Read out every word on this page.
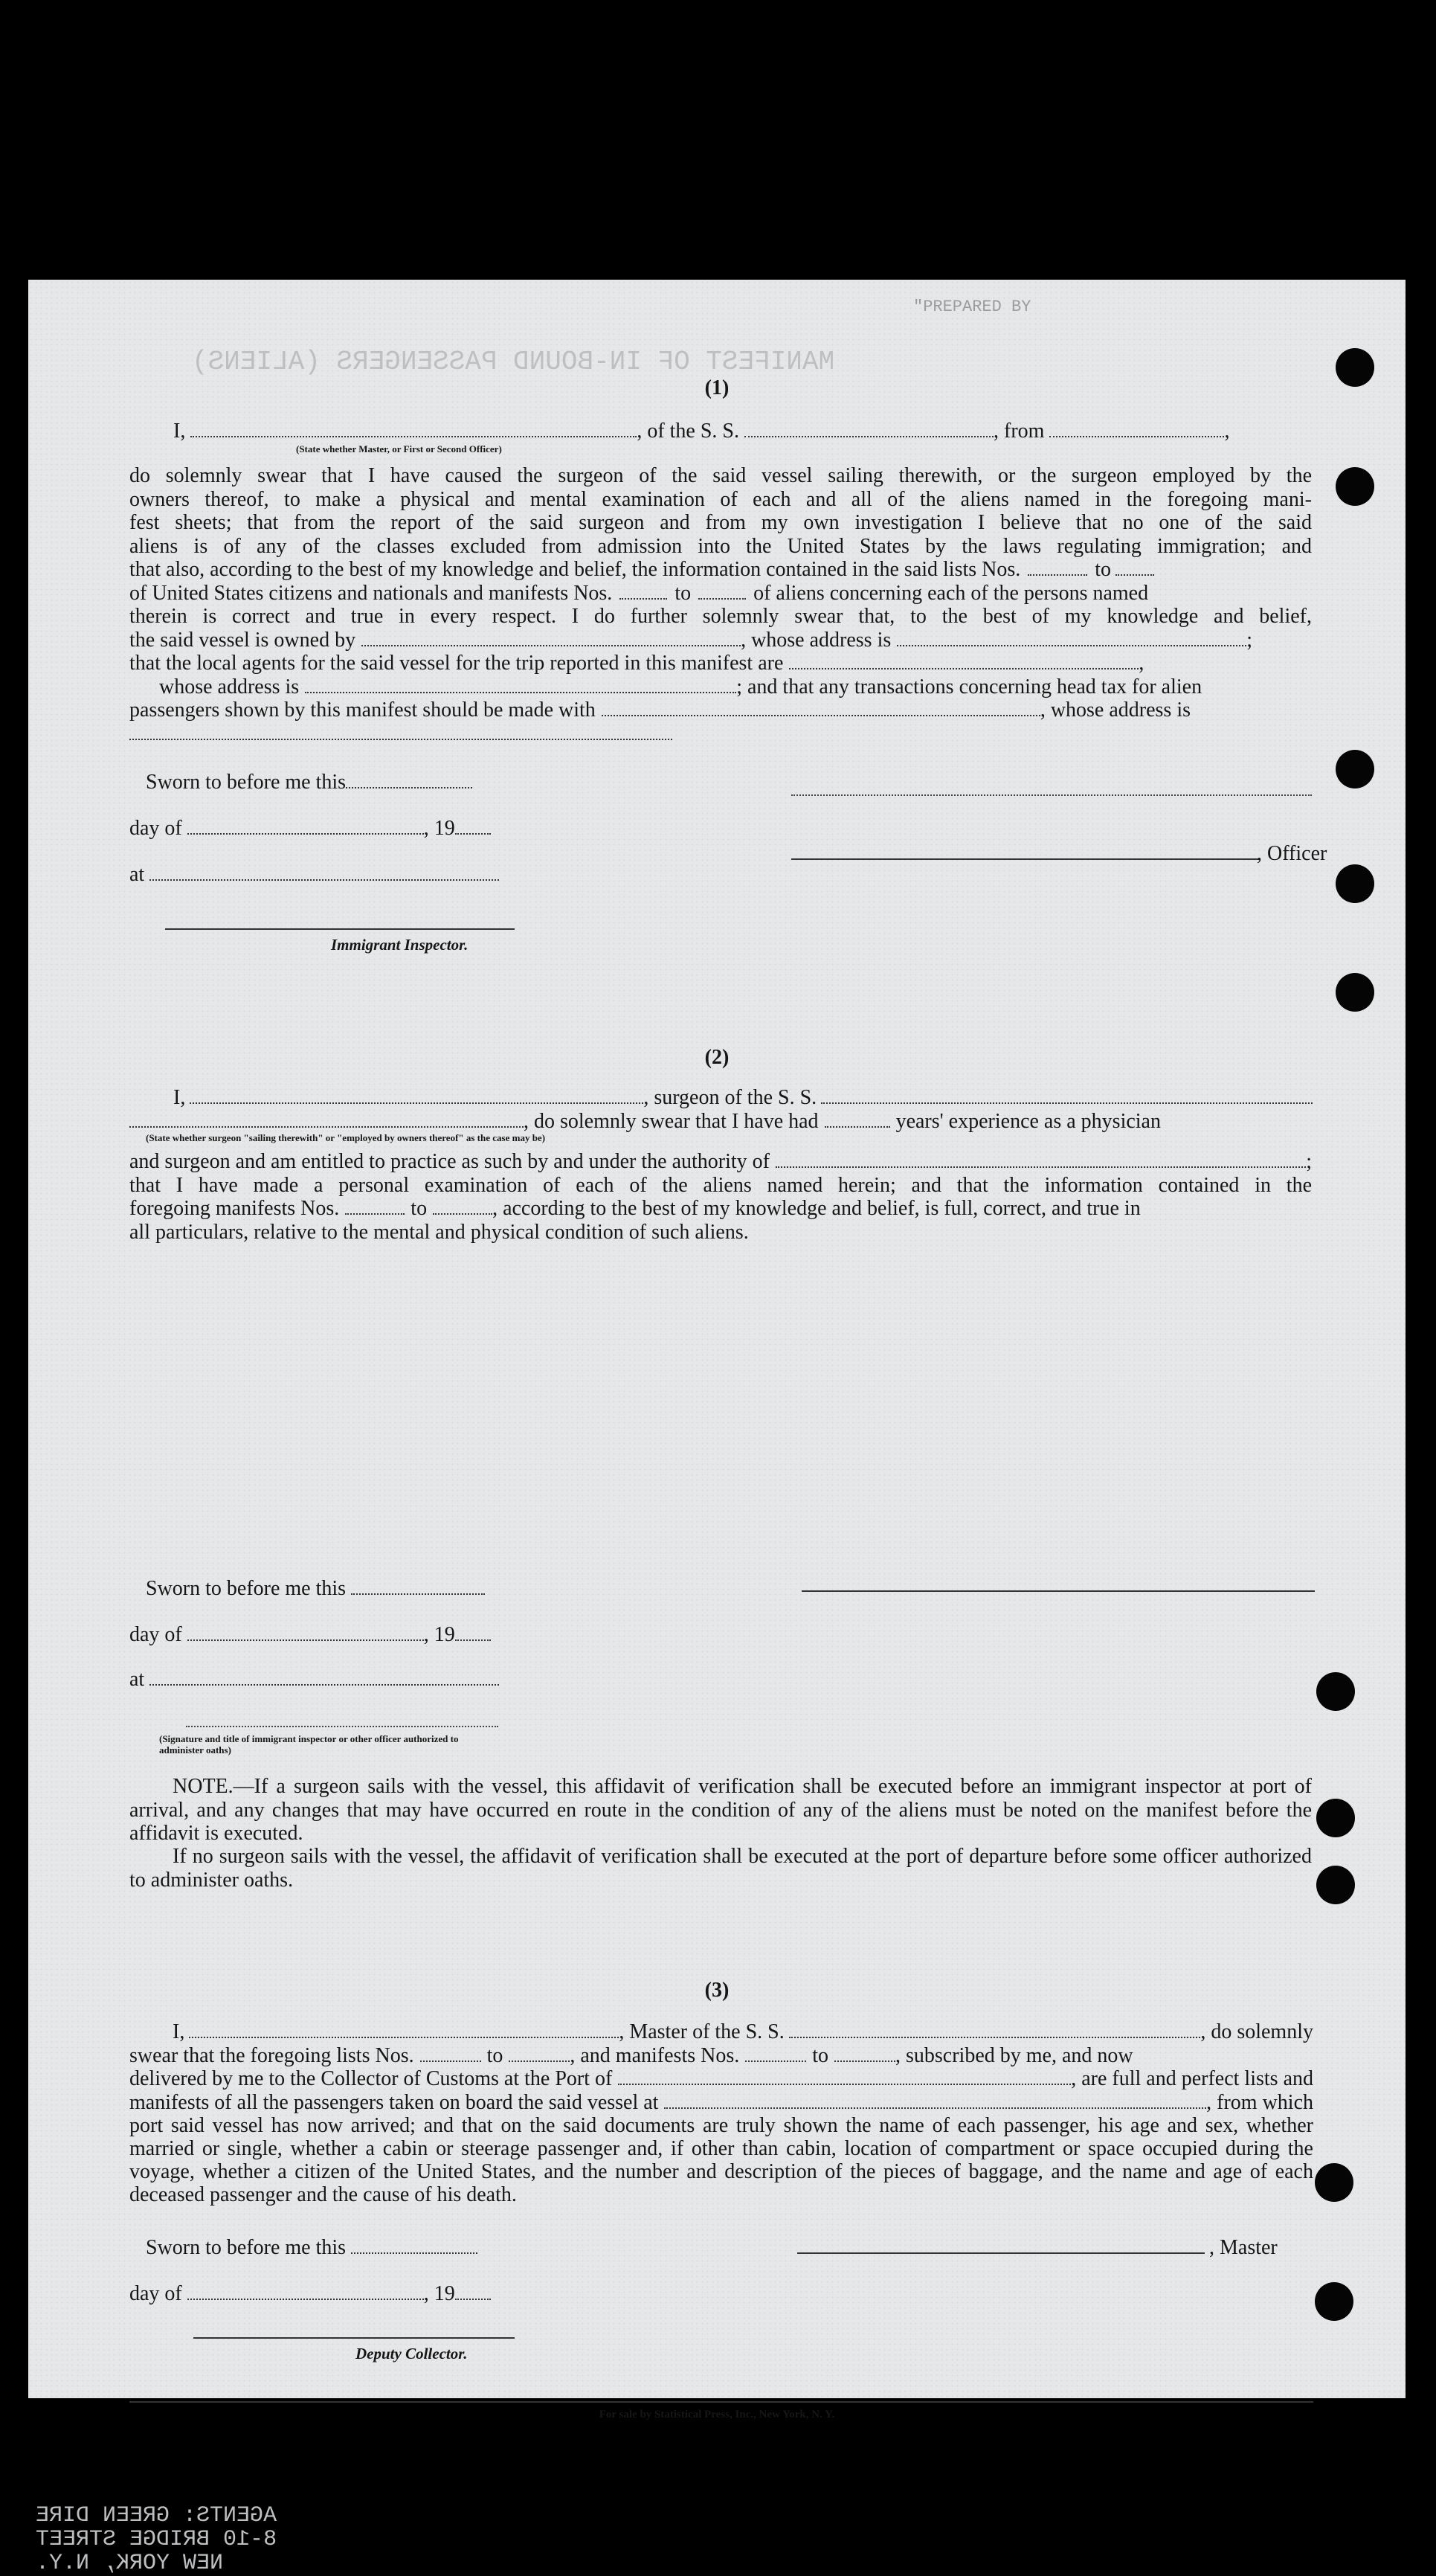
"PREPARED BY
MANIFEST OF IN-BOUND PASSENGERS (ALIENS)
(1)
I,	, of the S. S.	, from	,
(State whether Master, or First or Second Officer)
do solemnly swear that I have caused the surgeon of the said vessel sailing therewith, or the surgeon employed by the
owners thereof, to make a physical and mental examination of each and all of the aliens named in the foregoing mani-
fest sheets; that from the report of the said surgeon and from my own investigation I believe that no one of the said
aliens is of any of the classes excluded from admission into the United States by the laws regulating immigration; and
that also, according to the best of my knowledge and belief, the information contained in the said lists Nos.	to
of United States citizens and nationals and manifests Nos.	to	of aliens concerning each of the persons named
therein is correct and true in every respect. I do further solemnly swear that, to the best of my knowledge and belief,
the said vessel is owned by	, whose address is	;
that the local agents for the said vessel for the trip reported in this manifest are	,
whose address is	; and that any transactions concerning head tax for alien
passengers shown by this manifest should be made with	, whose address is
Sworn to before me this
day of	, 19
at
Immigrant Inspector.
, Officer
(2)
I,	, surgeon of the S. S.
, do solemnly swear that I have had	years' experience as a physician
(State whether surgeon "sailing therewith" or "employed by owners thereof" as the case may be)
and surgeon and am entitled to practice as such by and under the authority of	;
that I have made a personal examination of each of the aliens named herein; and that the information contained in the
foregoing manifests Nos.	to	, according to the best of my knowledge and belief, is full, correct, and true in
all particulars, relative to the mental and physical condition of such aliens.
Sworn to before me this
day of	, 19
at
(Signature and title of immigrant inspector or other officer authorized to administer oaths)
NOTE.—If a surgeon sails with the vessel, this affidavit of verification shall be executed before an immigrant inspector at port of arrival, and any changes that may have occurred en route in the condition of any of the aliens must be noted on the manifest before the affidavit is executed.
If no surgeon sails with the vessel, the affidavit of verification shall be executed at the port of departure before some officer authorized to administer oaths.
(3)
I,	, Master of the S. S.	, do solemnly
swear that the foregoing lists Nos.	to	, and manifests Nos.	to	, subscribed by me, and now
delivered by me to the Collector of Customs at the Port of	, are full and perfect lists and
manifests of all the passengers taken on board the said vessel at	, from which
port said vessel has now arrived; and that on the said documents are truly shown the name of each passenger, his age and sex, whether married or single, whether a cabin or steerage passenger and, if other than cabin, location of compartment or space occupied during the voyage, whether a citizen of the United States, and the number and description of the pieces of baggage, and the name and age of each deceased passenger and the cause of his death.
Sworn to before me this
day of	, 19
Deputy Collector.
, Master
For sale by Statistical Press, Inc., New York, N. Y.
AGENTS: GREEN DIRE
8-10 BRIDGE STREET
NEW YORK, N.Y.
